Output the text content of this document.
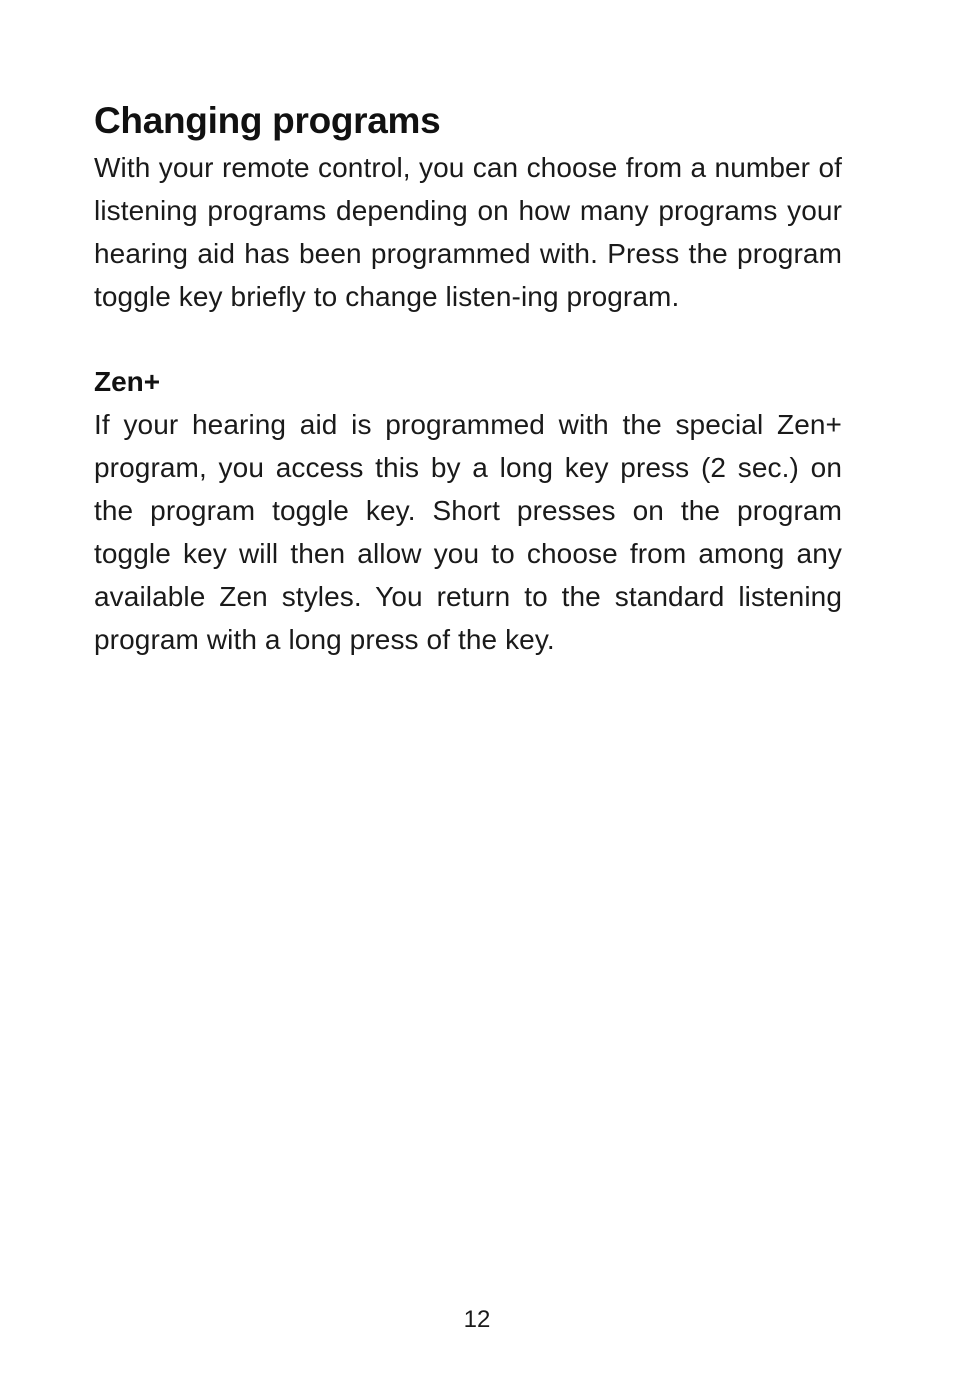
Changing programs

With your remote control, you can choose from a number of listening programs depending on how many programs your hearing aid has been programmed with. Press the program toggle key briefly to change listen-ing program.

Zen+

If your hearing aid is programmed with the special Zen+ program, you access this by a long key press (2 sec.) on the program toggle key. Short presses on the program toggle key will then allow you to choose from among any available Zen styles. You return to the standard listening program with a long press of the key.

12
